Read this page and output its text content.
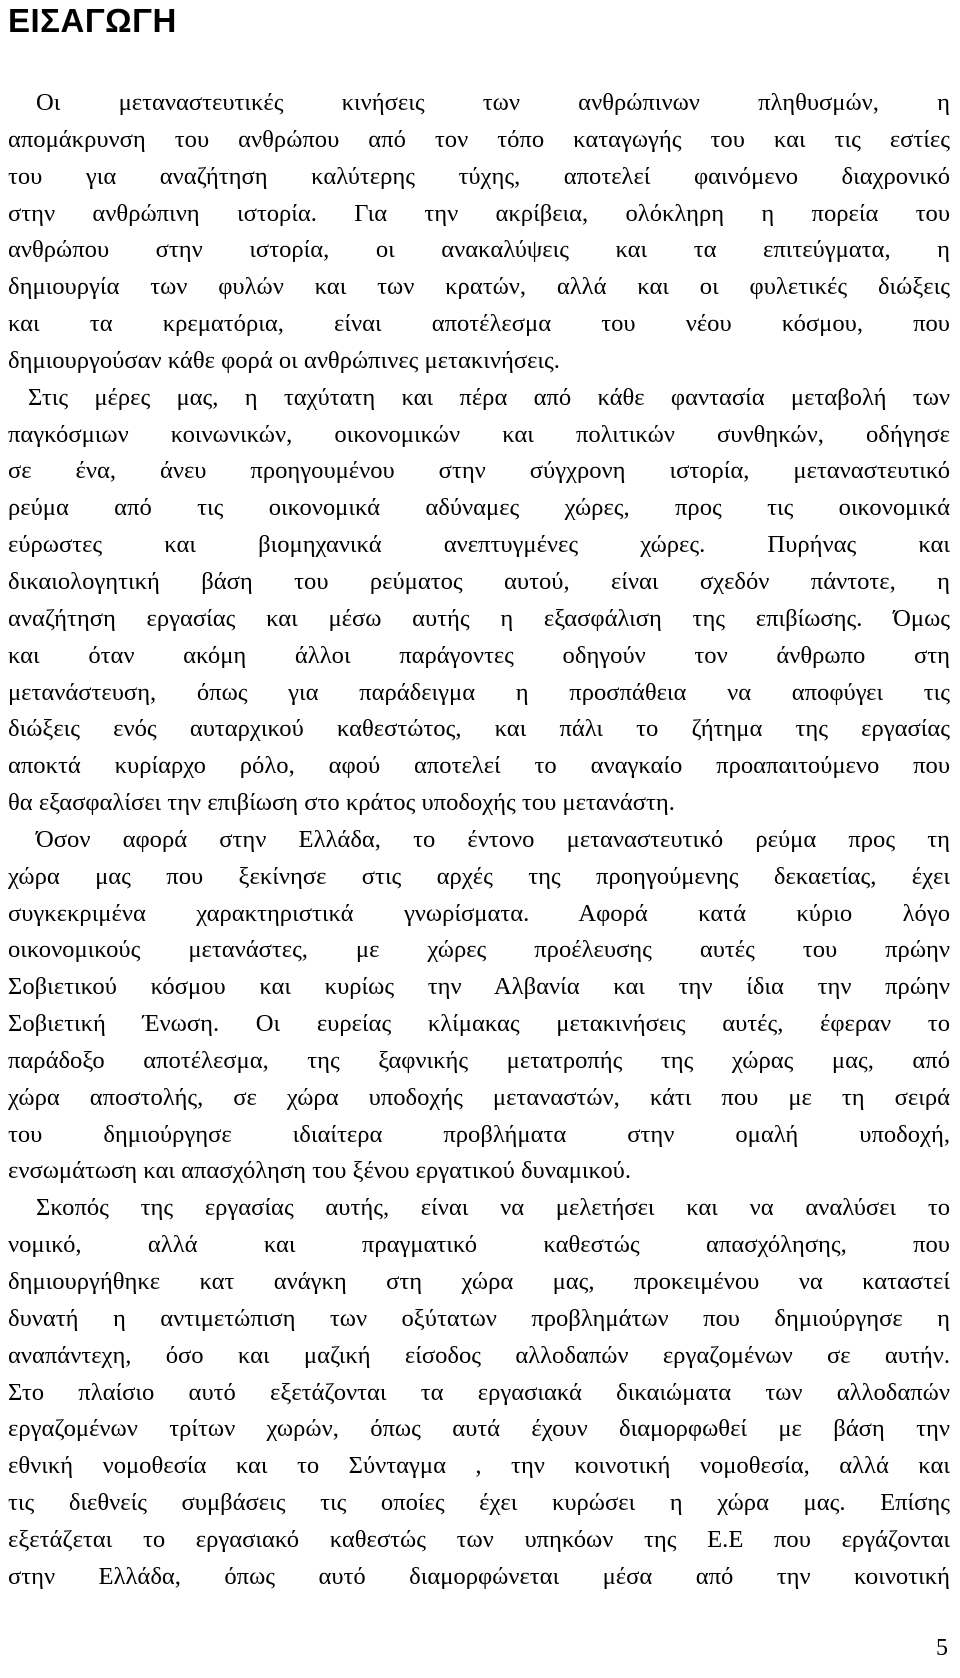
ΕΙΣΑΓΩΓΗ
Οι μεταναστευτικές κινήσεις των ανθρώπινων πληθυσμών, η
απομάκρυνση του ανθρώπου από τον τόπο καταγωγής του και τις εστίες
του για αναζήτηση καλύτερης τύχης, αποτελεί φαινόμενο διαχρονικό
στην ανθρώπινη ιστορία. Για την ακρίβεια, ολόκληρη η πορεία του
ανθρώπου στην ιστορία, οι ανακαλύψεις και τα επιτεύγματα, η
δημιουργία των φυλών και των κρατών, αλλά και οι φυλετικές διώξεις
και τα κρεματόρια, είναι αποτέλεσμα του νέου κόσμου, που
δημιουργούσαν κάθε φορά οι ανθρώπινες μετακινήσεις.
Στις μέρες μας, η ταχύτατη και πέρα από κάθε φαντασία μεταβολή των
παγκόσμιων κοινωνικών, οικονομικών και πολιτικών συνθηκών, οδήγησε
σε ένα, άνευ προηγουμένου στην σύγχρονη ιστορία, μεταναστευτικό
ρεύμα από τις οικονομικά αδύναμες χώρες, προς τις οικονομικά
εύρωστες και βιομηχανικά ανεπτυγμένες χώρες. Πυρήνας και
δικαιολογητική βάση του ρεύματος αυτού, είναι σχεδόν πάντοτε, η
αναζήτηση εργασίας και μέσω αυτής η εξασφάλιση της επιβίωσης. Όμως
και όταν ακόμη άλλοι παράγοντες οδηγούν τον άνθρωπο στη
μετανάστευση, όπως για παράδειγμα η προσπάθεια να αποφύγει τις
διώξεις ενός αυταρχικού καθεστώτος, και πάλι το ζήτημα της εργασίας
αποκτά κυρίαρχο ρόλο, αφού αποτελεί το αναγκαίο προαπαιτούμενο που
θα εξασφαλίσει την επιβίωση στο κράτος υποδοχής του μετανάστη.
Όσον αφορά στην Ελλάδα, το έντονο μεταναστευτικό ρεύμα προς τη
χώρα μας που ξεκίνησε στις αρχές της προηγούμενης δεκαετίας, έχει
συγκεκριμένα χαρακτηριστικά γνωρίσματα. Αφορά κατά κύριο λόγο
οικονομικούς μετανάστες, με χώρες προέλευσης αυτές του πρώην
Σοβιετικού κόσμου και κυρίως την Αλβανία και την ίδια την πρώην
Σοβιετική Ένωση. Οι ευρείας κλίμακας μετακινήσεις αυτές, έφεραν το
παράδοξο αποτέλεσμα, της ξαφνικής μετατροπής της χώρας μας, από
χώρα αποστολής, σε χώρα υποδοχής μεταναστών, κάτι που με τη σειρά
του δημιούργησε ιδιαίτερα προβλήματα στην ομαλή υποδοχή,
ενσωμάτωση και απασχόληση του ξένου εργατικού δυναμικού.
Σκοπός της εργασίας αυτής, είναι να μελετήσει και να αναλύσει το
νομικό, αλλά και πραγματικό καθεστώς απασχόλησης, που
δημιουργήθηκε κατ ανάγκη στη χώρα μας, προκειμένου να καταστεί
δυνατή η αντιμετώπιση των οξύτατων προβλημάτων που δημιούργησε η
αναπάντεχη, όσο και μαζική είσοδος αλλοδαπών εργαζομένων σε αυτήν.
Στο πλαίσιο αυτό εξετάζονται τα εργασιακά δικαιώματα των αλλοδαπών
εργαζομένων τρίτων χωρών, όπως αυτά έχουν διαμορφωθεί με βάση την
εθνική νομοθεσία και το Σύνταγμα , την κοινοτική νομοθεσία, αλλά και
τις διεθνείς συμβάσεις τις οποίες έχει κυρώσει η χώρα μας. Επίσης
εξετάζεται το εργασιακό καθεστώς των υπηκόων της Ε.Ε που εργάζονται
στην Ελλάδα, όπως αυτό διαμορφώνεται μέσα από την κοινοτική
5
